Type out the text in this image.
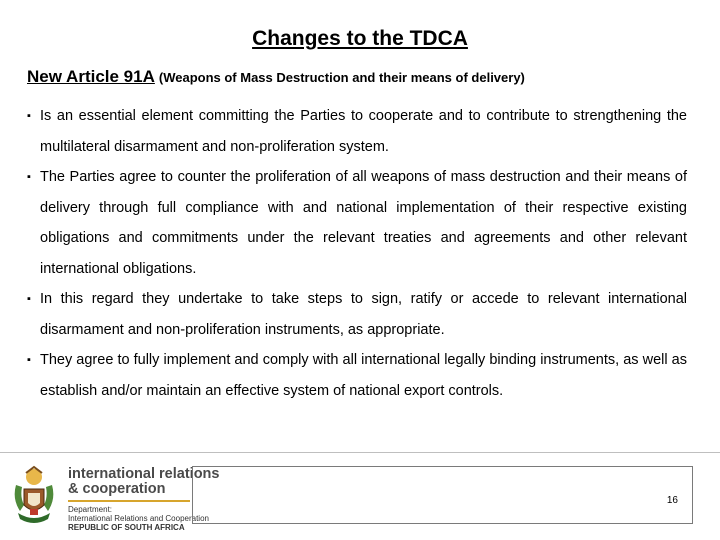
Changes to the TDCA
New Article 91A (Weapons of Mass Destruction and their means of delivery)
▪ Is an essential element committing the Parties to cooperate and to contribute to strengthening the multilateral disarmament and non-proliferation system.
▪ The Parties agree to counter the proliferation of all weapons of mass destruction and their means of delivery through full compliance with and national implementation of their respective existing obligations and commitments under the relevant treaties and agreements and other relevant international obligations.
▪ In this regard they undertake to take steps to sign, ratify or accede to relevant international disarmament and non-proliferation instruments, as appropriate.
▪ They agree to fully implement and comply with all international legally binding instruments, as well as establish and/or maintain an effective system of national export controls.
international relations
& cooperation
Department:
International Relations and Cooperation
REPUBLIC OF SOUTH AFRICA
16
